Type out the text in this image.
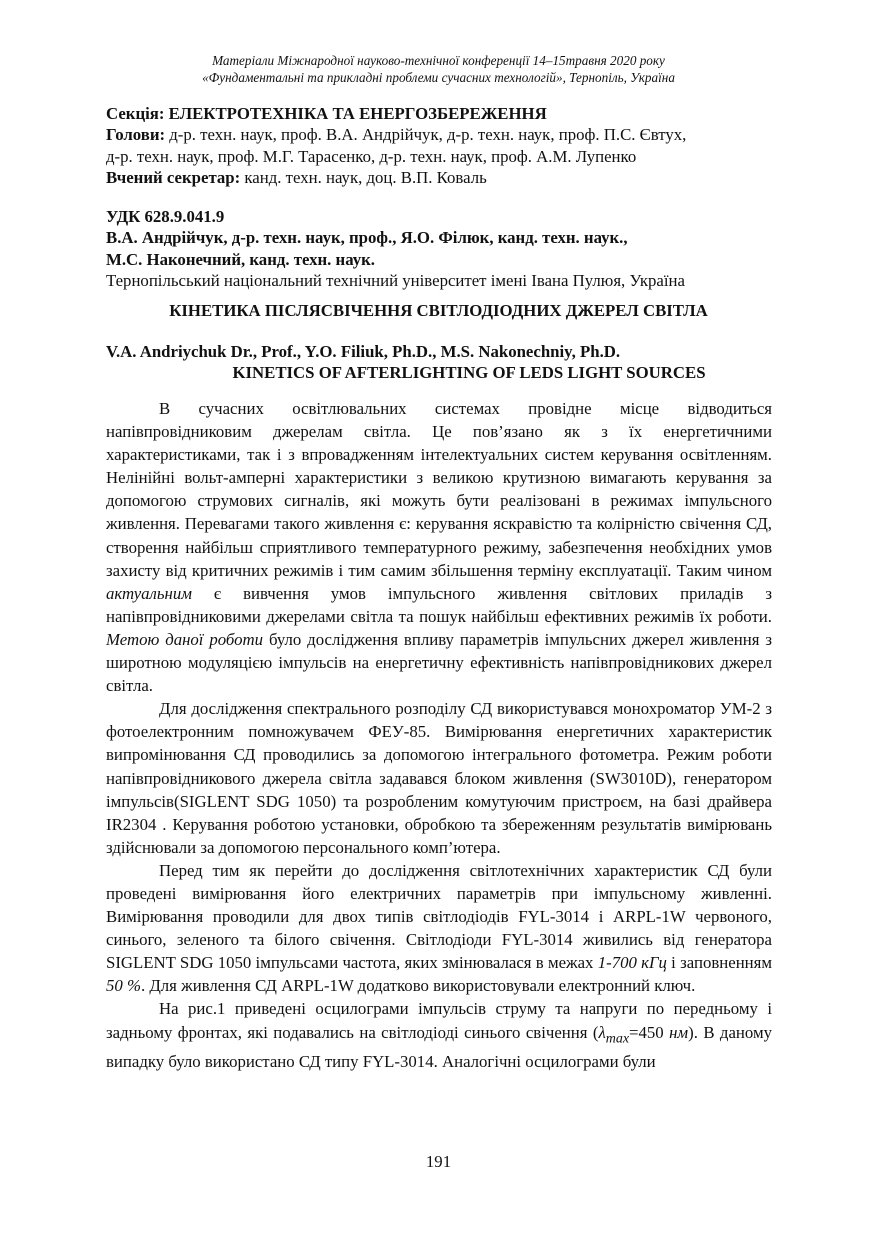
Матеріали Міжнародної науково-технічної конференції 14–15травня 2020 року
«Фундаментальні та прикладні проблеми сучасних технологій», Тернопіль, Україна
Секція: ЕЛЕКТРОТЕХНІКА ТА ЕНЕРГОЗБЕРЕЖЕННЯ
Голови: д-р. техн. наук, проф. В.А. Андрійчук, д-р. техн. наук, проф. П.С. Євтух,
д-р. техн. наук, проф. М.Г. Тарасенко, д-р. техн. наук, проф. А.М. Лупенко
Вчений секретар: канд. техн. наук, доц. В.П. Коваль
УДК 628.9.041.9
В.А. Андрійчук, д-р. техн. наук, проф., Я.О. Філюк, канд. техн. наук.,
М.С. Наконечний, канд. техн. наук.
Тернопільський національний технічний університет імені Івана Пулюя, Україна
КІНЕТИКА ПІСЛЯСВІЧЕННЯ СВІТЛОДІОДНИХ ДЖЕРЕЛ СВІТЛА
V.A. Andriychuk Dr., Prof., Y.O. Filiuk, Ph.D., M.S. Nakonechniy, Ph.D.
KINETICS OF AFTERLIGHTING OF LEDS LIGHT SOURCES

В сучасних освітлювальних системах провідне місце відводиться напівпровідниковим джерелам світла. Це пов’язано як з їх енергетичними характеристиками, так і з впровадженням інтелектуальних систем керування освітленням. Нелінійні вольт-амперні характеристики з великою крутизною вимагають керування за допомогою струмових сигналів, які можуть бути реалізовані в режимах імпульсного живлення. Перевагами такого живлення є: керування яскравістю та колірністю свічення СД, створення найбільш сприятливого температурного режиму, забезпечення необхідних умов захисту від критичних режимів і тим самим збільшення терміну експлуатації. Таким чином актуальним є вивчення умов імпульсного живлення світлових приладів з напівпровідниковими джерелами світла та пошук найбільш ефективних режимів їх роботи. Метою даної роботи було дослідження впливу параметрів імпульсних джерел живлення з широтною модуляцією імпульсів на енергетичну ефективність напівпровідникових джерел світла.

Для дослідження спектрального розподілу СД використувався монохроматор УМ-2 з фотоелектронним помножувачем ФЕУ-85. Вимірювання енергетичних характеристик випромінювання СД проводились за допомогою інтегрального фотометра. Режим роботи напівпровідникового джерела світла задавався блоком живлення (SW3010D), генератором імпульсів(SIGLENT SDG 1050) та розробленим комутуючим пристроєм, на базі драйвера IR2304 . Керування роботою установки, обробкою та збереженням результатів вимірювань здійснювали за допомогою персонального комп’ютера.

Перед тим як перейти до дослідження світлотехнічних характеристик СД були проведені вимірювання його електричних параметрів при імпульсному живленні. Вимірювання проводили для двох типів світлодіодів FYL-3014 і ARPL-1W червоного, синього, зеленого та білого свічення. Світлодіоди FYL-3014 живились від генератора SIGLENT SDG 1050 імпульсами частота, яких змінювалася в межах 1-700 кГц і заповненням 50 %. Для живлення СД ARPL-1W додатково використовували електронний ключ.

На рис.1 приведені осцилограми імпульсів струму та напруги по передньому і задньому фронтах, які подавались на світлодіоді синього свічення ($\lambda_{max}=450$ нм). В даному випадку було використано СД типу FYL-3014. Аналогічні осцилограми були

191
